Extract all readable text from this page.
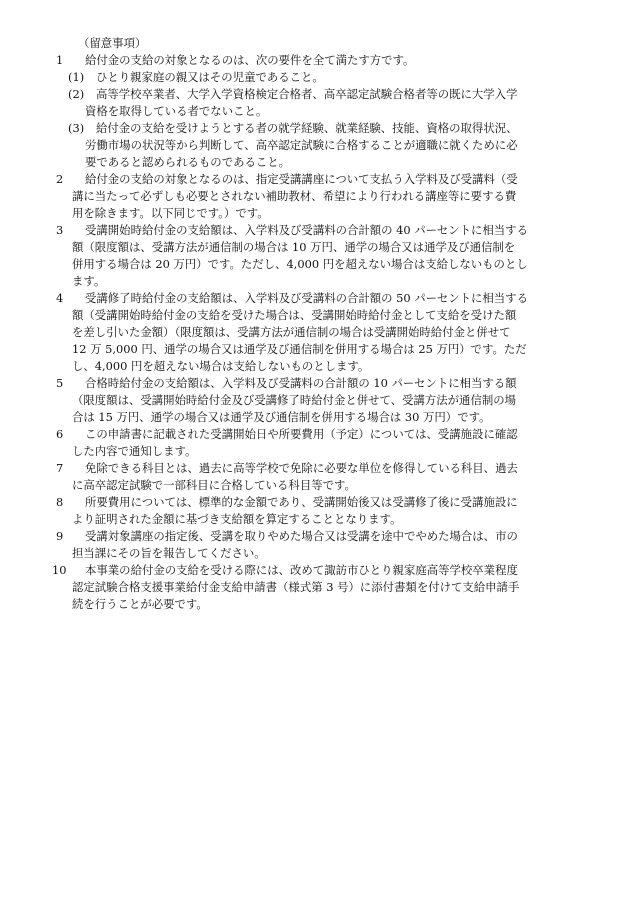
（留意事項）
1 給付金の支給の対象となるのは、次の要件を全て満たす方です。
(1) ひとり親家庭の親又はその児童であること。
(2) 高等学校卒業者、大学入学資格検定合格者、高卒認定試験合格者等の既に大学入学
資格を取得している者でないこと。
(3) 給付金の支給を受けようとする者の就学経験、就業経験、技能、資格の取得状況、
労働市場の状況等から判断して、高卒認定試験に合格することが適職に就くために必
要であると認められるものであること。
2 給付金の支給の対象となるのは、指定受講講座について支払う入学料及び受講料（受
講に当たって必ずしも必要とされない補助教材、希望により行われる講座等に要する費
用を除きます。以下同じです。）です。
3 受講開始時給付金の支給額は、入学料及び受講料の合計額の 40 パーセントに相当する
額（限度額は、受講方法が通信制の場合は 10 万円、通学の場合又は通学及び通信制を
併用する場合は 20 万円）です。ただし、4,000 円を超えない場合は支給しないものとし
ます。
4 受講修了時給付金の支給額は、入学料及び受講料の合計額の 50 パーセントに相当する
額（受講開始時給付金の支給を受けた場合は、受講開始時給付金として支給を受けた額
を差し引いた金額）（限度額は、受講方法が通信制の場合は受講開始時給付金と併せて
12 万 5,000 円、通学の場合又は通学及び通信制を併用する場合は 25 万円）です。ただ
し、4,000 円を超えない場合は支給しないものとします。
5 合格時給付金の支給額は、入学料及び受講料の合計額の 10 パーセントに相当する額
（限度額は、受講開始時給付金及び受講修了時給付金と併せて、受講方法が通信制の場
合は 15 万円、通学の場合又は通学及び通信制を併用する場合は 30 万円）です。
6 この申請書に記載された受講開始日や所要費用（予定）については、受講施設に確認
した内容で通知します。
7 免除できる科目とは、過去に高等学校で免除に必要な単位を修得している科目、過去
に高卒認定試験で一部科目に合格している科目等です。
8 所要費用については、標準的な金額であり、受講開始後又は受講修了後に受講施設に
より証明された金額に基づき支給額を算定することとなります。
9 受講対象講座の指定後、受講を取りやめた場合又は受講を途中でやめた場合は、市の
担当課にその旨を報告してください。
10 本事業の給付金の支給を受ける際には、改めて諏訪市ひとり親家庭高等学校卒業程度
認定試験合格支援事業給付金支給申請書（様式第 3 号）に添付書類を付けて支給申請手
続を行うことが必要です。
